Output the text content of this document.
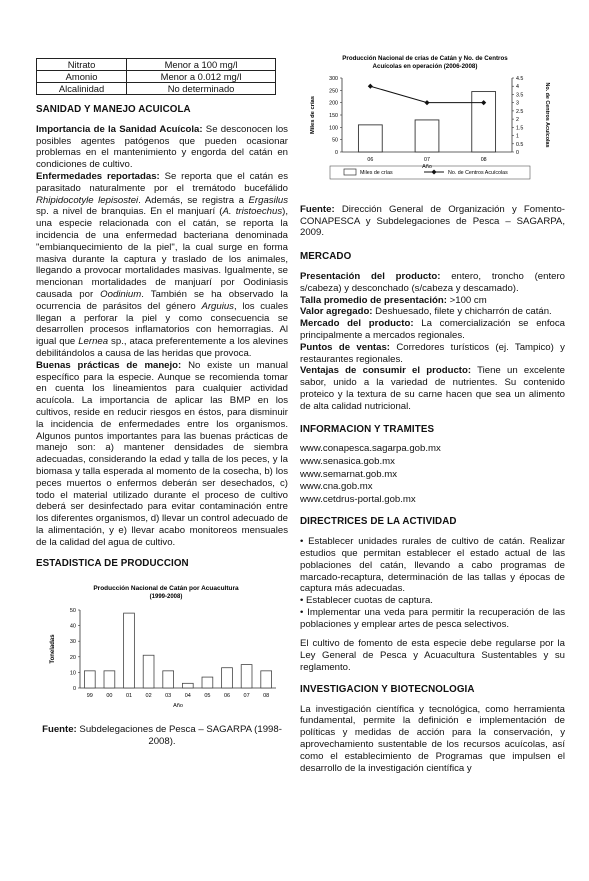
Nitrato	Menor a 100 mg/l
Amonio	Menor a 0.012 mg/l
Alcalinidad	No determinado
SANIDAD Y MANEJO ACUICOLA

Importancia de la Sanidad Acuícola: Se desconocen los posibles agentes patógenos que pueden ocasionar problemas en el mantenimiento y engorda del catán en condiciones de cultivo.

Enfermedades reportadas: Se reporta que el catán es parasitado naturalmente por el tremátodo bucefálido Rhipidocotyle lepisostei. Además, se registra a Ergasilus sp. a nivel de branquias. En el manjuarí (A. tristoechus), una especie relacionada con el catán, se reporta la incidencia de una enfermedad bacteriana denominada "embianquecimiento de la piel", la cual surge en forma masiva durante la captura y traslado de los animales, llegando a provocar mortalidades masivas. Igualmente, se mencionan mortalidades de manjuarí por Oodiniasis causada por Oodinium. También se ha observado la ocurrencia de parásitos del género Arguius, los cuales llegan a perforar la piel y como consecuencia se desarrollen procesos inflamatorios con hemorragias. Al igual que Lernea sp., ataca preferentemente a los alevines debilitándolos a causa de las heridas que provoca.

Buenas prácticas de manejo: No existe un manual específico para la especie. Aunque se recomienda tomar en cuenta los lineamientos para cualquier actividad acuícola. La importancia de aplicar las BMP en los cultivos, reside en reducir riesgos en éstos, para disminuir la incidencia de enfermedades entre los organismos. Algunos puntos importantes para las buenas prácticas de manejo son: a) mantener densidades de siembra adecuadas, considerando la edad y talla de los peces, y la biomasa y talla esperada al momento de la cosecha, b) los peces muertos o enfermos deberán ser desechados, c) todo el material utilizado durante el proceso de cultivo deberá ser desinfectado para evitar contaminación entre los diferentes organismos, d) llevar un control adecuado de la alimentación, y e) llevar acabo monitoreos mensuales de la calidad del agua de cultivo.

ESTADISTICA DE PRODUCCION
Producción Nacional de Catán por Acuacultura
(1999-2008)
0
10
20
30
40
50
99 00 01 02 03 04 05 06 07 08
Año
Toneladas

Fuente: Subdelegaciones de Pesca – SAGARPA (1998-2008).

Producción Nacional de crías de Catán y No. de Centros
Acuícolas en operación (2006-2008)
0
50
100
150
200
250
300
0
0.5
1
1.5
2
2.5
3
3.5
4
4.5
06	07	08
Año
Miles de crías	No. de Centros Acuícolas
Miles de crías	No. de Centros Acuícolas

Fuente: Dirección General de Organización y Fomento-CONAPESCA y Subdelegaciones de Pesca – SAGARPA, 2009.

MERCADO

Presentación del producto: entero, troncho (entero s/cabeza) y desconchado (s/cabeza y descamado).

Talla promedio de presentación: >100 cm

Valor agregado: Deshuesado, filete y chicharrón de catán.

Mercado del producto: La comercialización se enfoca principalmente a mercados regionales.

Puntos de ventas: Corredores turísticos (ej. Tampico) y restaurantes regionales.

Ventajas de consumir el producto: Tiene un excelente sabor, unido a la variedad de nutrientes. Su contenido proteico y la textura de su carne hacen que sea un alimento de alta calidad nutricional.

INFORMACION Y TRAMITES
www.conapesca.sagarpa.gob.mx
www.senasica.gob.mx
www.semarnat.gob.mx
www.cna.gob.mx
www.cetdrus-portal.gob.mx
DIRECTRICES DE LA ACTIVIDAD
• Establecer unidades rurales de cultivo de catán. Realizar estudios que permitan establecer el estado actual de las poblaciones del catán, llevando a cabo programas de marcado-recaptura, determinación de las tallas y épocas de captura más adecuadas.
• Establecer cuotas de captura.
• Implementar una veda para permitir la recuperación de las poblaciones y emplear artes de pesca selectivos.

El cultivo de fomento de esta especie debe regularse por la Ley General de Pesca y Acuacultura Sustentables y su reglamento.

INVESTIGACION Y BIOTECNOLOGIA

La investigación científica y tecnológica, como herramienta fundamental, permite la definición e implementación de políticas y medidas de acción para la conservación, y aprovechamiento sustentable de los recursos acuícolas, así como el establecimiento de Programas que impulsen el desarrollo de la investigación científica y
